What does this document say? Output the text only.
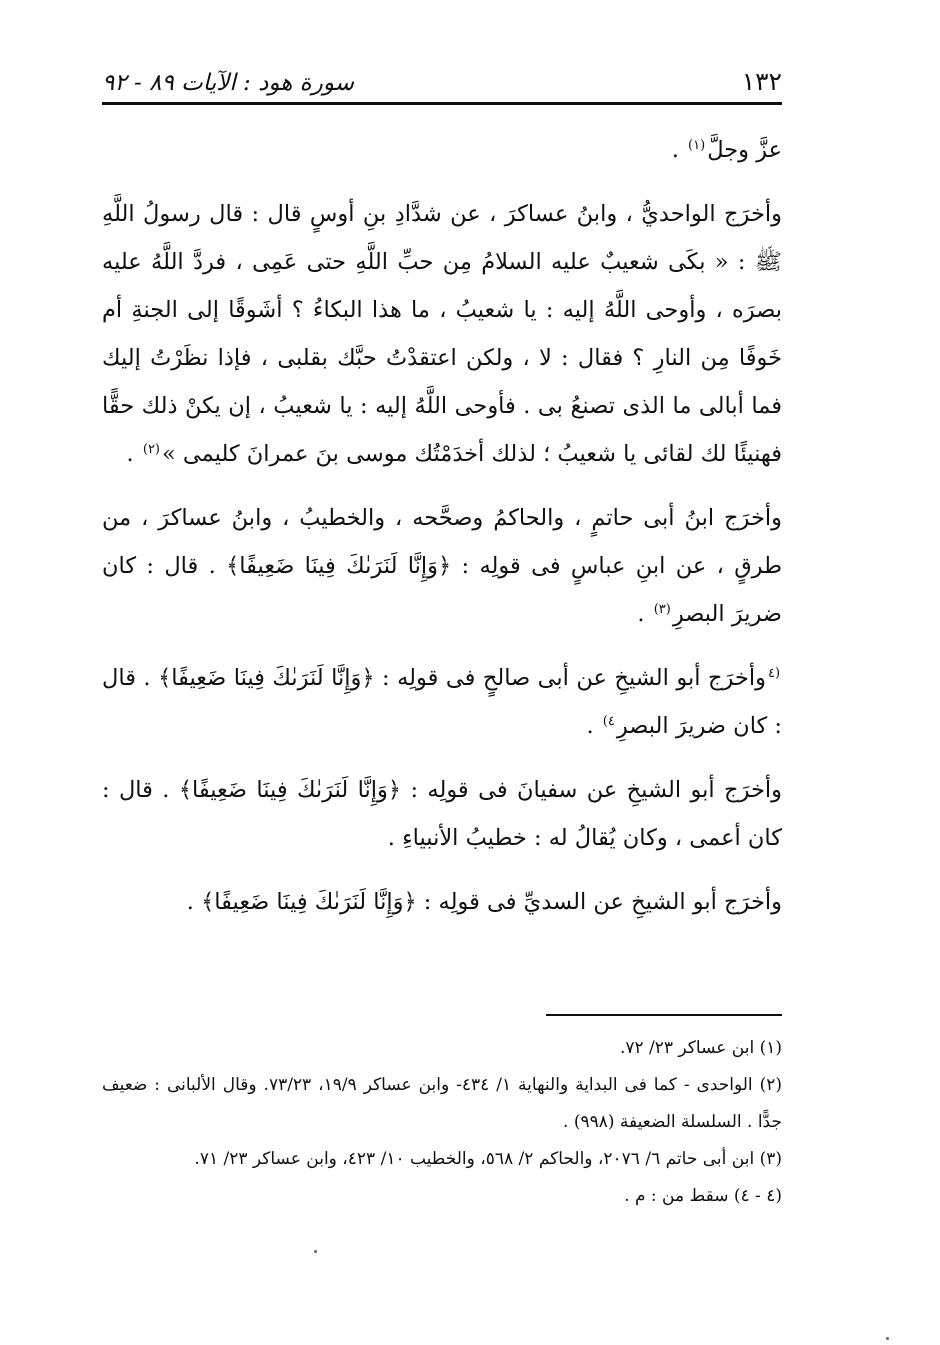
سورة هود : الآيات ٨٩ - ٩٢	١٣٢

عزَّ وجلَّ$^{(١)}$ .

وأخرَج الواحديُّ ، وابنُ عساكرَ ، عن شدَّادِ بنِ أوسٍ قال : قال رسولُ اللَّهِ ﷺ : « بكَى شعيبٌ عليه السلامُ مِن حبِّ اللَّهِ حتى عَمِى ، فردَّ اللَّهُ عليه بصرَه ، وأوحى اللَّهُ إليه : يا شعيبُ ، ما هذا البكاءُ ؟ أشَوقًا إلى الجنةِ أم خَوفًا مِن النارِ ؟ فقال : لا ، ولكن اعتقدْتُ حبَّك بقلبى ، فإذا نظَرْتُ إليك فما أبالى ما الذى تصنعُ بى . فأوحى اللَّهُ إليه : يا شعيبُ ، إن يكنْ ذلك حقًّا فهنيئًا لك لقائى يا شعيبُ ؛ لذلك أخدَمْتُك موسى بنَ عمرانَ كليمى »$^{(٢)}$ .

وأخرَج ابنُ أبى حاتمٍ ، والحاكمُ وصحَّحه ، والخطيبُ ، وابنُ عساكرَ ، من طرقٍ ، عن ابنِ عباسٍ فى قولِه : ﴿وَإِنَّا لَنَرَىٰكَ فِينَا ضَعِيفًا﴾ . قال : كان ضريرَ البصرِ$^{(٣)}$ .

$^{(٤}$وأخرَج أبو الشيخِ عن أبى صالحٍ فى قولِه : ﴿وَإِنَّا لَنَرَىٰكَ فِينَا ضَعِيفًا﴾ . قال : كان ضريرَ البصرِ$^{٤)}$ .

وأخرَج أبو الشيخِ عن سفيانَ فى قولِه : ﴿وَإِنَّا لَنَرَىٰكَ فِينَا ضَعِيفًا﴾ . قال : كان أعمى ، وكان يُقالُ له : خطيبُ الأنبياءِ .

وأخرَج أبو الشيخِ عن السديِّ فى قولِه : ﴿وَإِنَّا لَنَرَىٰكَ فِينَا ضَعِيفًا﴾ .

(١) ابن عساكر ٢٣/ ٧٢.

(٢) الواحدى - كما فى البداية والنهاية ١/ ٤٣٤- وابن عساكر ١٩/٩، ٧٣/٢٣. وقال الألبانى : ضعيف جدًّا . السلسلة الضعيفة (٩٩٨) .

(٣) ابن أبى حاتم ٦/ ٢٠٧٦، والحاكم ٢/ ٥٦٨، والخطيب ١٠/ ٤٢٣، وابن عساكر ٢٣/ ٧١.

(٤ - ٤) سقط من : م .
